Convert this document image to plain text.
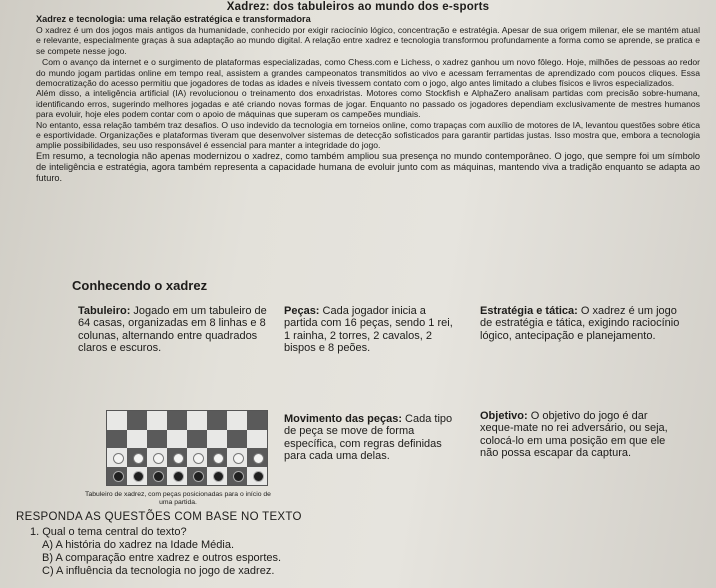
Xadrez: dos tabuleiros ao mundo dos e-sports
Xadrez e tecnologia: uma relação estratégica e transformadora

O xadrez é um dos jogos mais antigos da humanidade, conhecido por exigir raciocínio lógico, concentração e estratégia. Apesar de sua origem milenar, ele se mantém atual e relevante, especialmente graças à sua adaptação ao mundo digital. A relação entre xadrez e tecnologia transformou profundamente a forma como se aprende, se pratica e se compete nesse jogo.

Com o avanço da internet e o surgimento de plataformas especializadas, como Chess.com e Lichess, o xadrez ganhou um novo fôlego. Hoje, milhões de pessoas ao redor do mundo jogam partidas online em tempo real, assistem a grandes campeonatos transmitidos ao vivo e acessam ferramentas de aprendizado com poucos cliques. Essa democratização do acesso permitiu que jogadores de todas as idades e níveis tivessem contato com o jogo, algo antes limitado a clubes físicos e livros especializados.

Além disso, a inteligência artificial (IA) revolucionou o treinamento dos enxadristas. Motores como Stockfish e AlphaZero analisam partidas com precisão sobre-humana, identificando erros, sugerindo melhores jogadas e até criando novas formas de jogar. Enquanto no passado os jogadores dependiam exclusivamente de mestres humanos para evoluir, hoje eles podem contar com o apoio de máquinas que superam os campeões mundiais.

No entanto, essa relação também traz desafios. O uso indevido da tecnologia em torneios online, como trapaças com auxílio de motores de IA, levantou questões sobre ética e esportividade. Organizações e plataformas tiveram que desenvolver sistemas de detecção sofisticados para garantir partidas justas. Isso mostra que, embora a tecnologia amplie possibilidades, seu uso responsável é essencial para manter a integridade do jogo.

Em resumo, a tecnologia não apenas modernizou o xadrez, como também ampliou sua presença no mundo contemporâneo. O jogo, que sempre foi um símbolo de inteligência e estratégia, agora também representa a capacidade humana de evoluir junto com as máquinas, mantendo viva a tradição enquanto se adapta ao futuro.

Conhecendo o xadrez
Tabuleiro: Jogado em um tabuleiro de 64 casas, organizadas em 8 linhas e 8 colunas, alternando entre quadrados claros e escuros.
Peças: Cada jogador inicia a partida com 16 peças, sendo 1 rei, 1 rainha, 2 torres, 2 cavalos, 2 bispos e 8 peões.
Estratégia e tática: O xadrez é um jogo de estratégia e tática, exigindo raciocínio lógico, antecipação e planejamento.
Tabuleiro de xadrez, com peças posicionadas para o início de uma partida.
Movimento das peças: Cada tipo de peça se move de forma específica, com regras definidas para cada uma delas.
Objetivo: O objetivo do jogo é dar xeque-mate no rei adversário, ou seja, colocá-lo em uma posição em que ele não possa escapar da captura.
RESPONDA AS QUESTÕES COM BASE NO TEXTO
1. Qual o tema central do texto?
A) A história do xadrez na Idade Média.
B) A comparação entre xadrez e outros esportes.
C) A influência da tecnologia no jogo de xadrez.
